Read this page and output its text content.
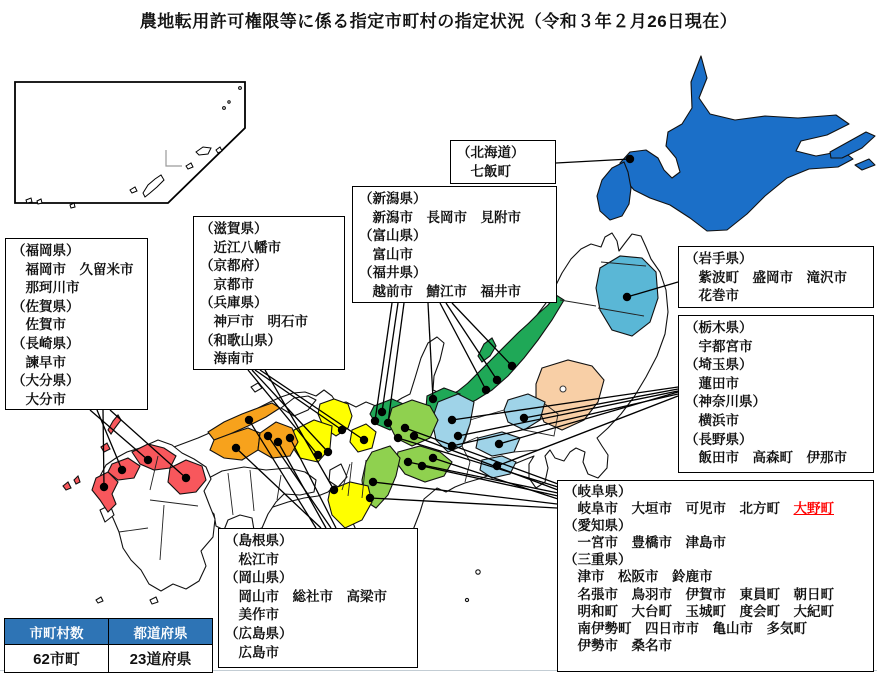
農地転用許可権限等に係る指定市町村の指定状況（令和３年２月26日現在）
（北海道）
　七飯町
（新潟県）
　新潟市　長岡市　見附市
（富山県）
　富山市
（福井県）
　越前市　鯖江市　福井市
（滋賀県）
　近江八幡市
（京都府）
　京都市
（兵庫県）
　神戸市　明石市
（和歌山県）
　海南市
（福岡県）
　福岡市　久留米市
　那珂川市
（佐賀県）
　佐賀市
（長崎県）
　諫早市
（大分県）
　大分市
（岩手県）
　紫波町　盛岡市　滝沢市
　花巻市
（栃木県）
　宇都宮市
（埼玉県）
　蓮田市
（神奈川県）
　横浜市
（長野県）
　飯田市　高森町　伊那市
（岐阜県）
　岐阜市　大垣市　可児市　北方町　大野町
（愛知県）
　一宮市　豊橋市　津島市
（三重県）
　津市　松阪市　鈴鹿市
　名張市　鳥羽市　伊賀市　東員町　朝日町
　明和町　大台町　玉城町　度会町　大紀町
　南伊勢町　四日市市　亀山市　多気町
　伊勢市　桑名市
（島根県）
　松江市
（岡山県）
　岡山市　総社市　高梁市
　美作市
（広島県）
　広島市
市町村数	都道府県
62市町	23道府県
